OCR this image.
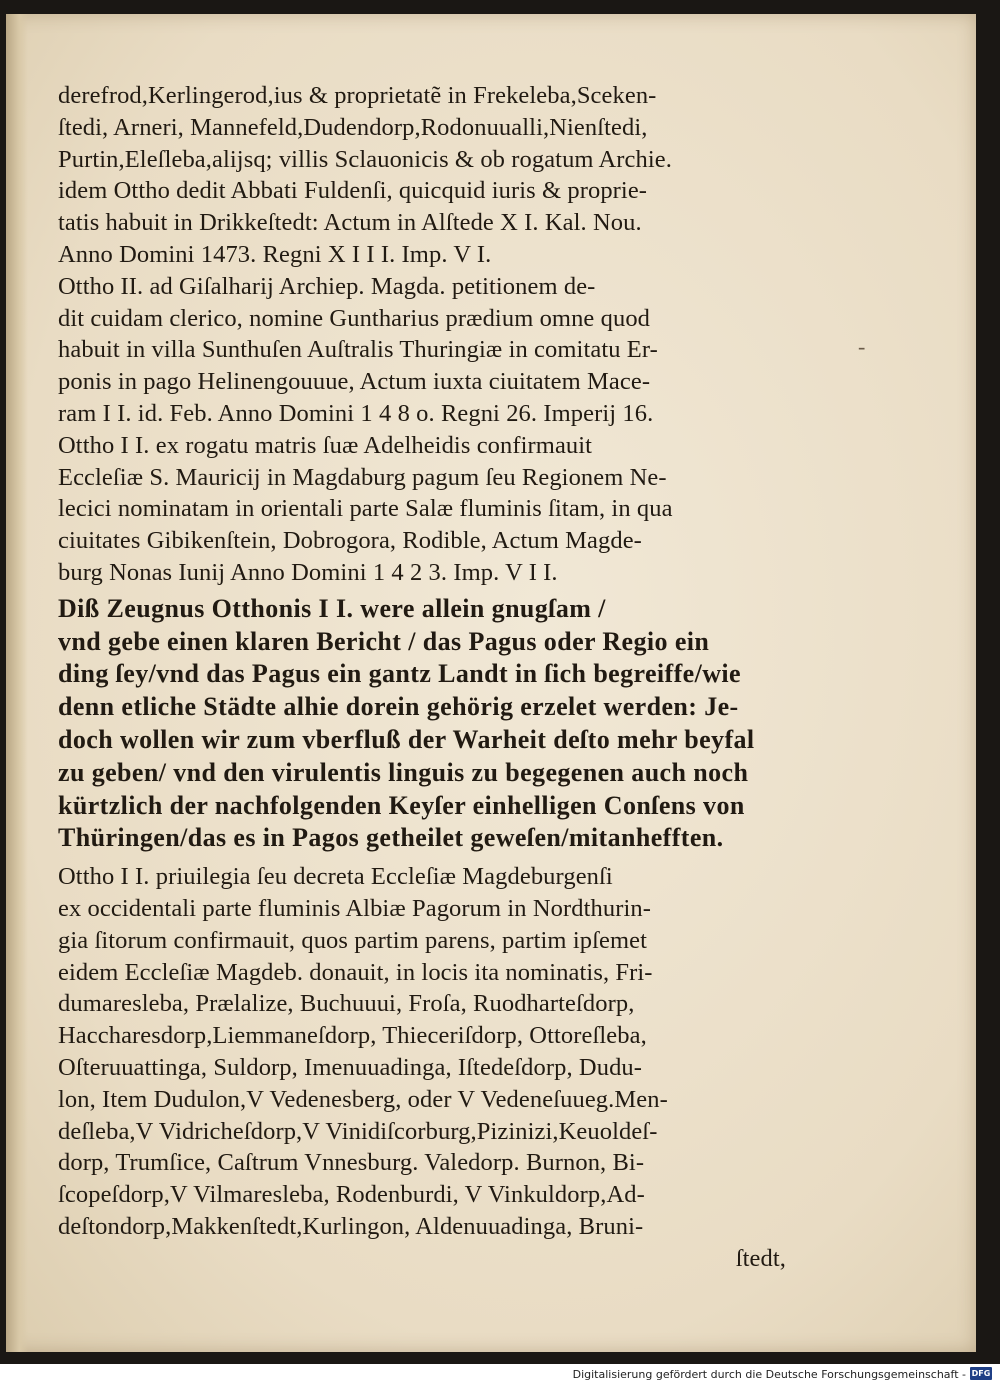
derefrod,Kerlingerod,ius & proprietatẽ in Frekeleba,Sceken-
ſtedi, Arneri, Mannefeld,Dudendorp,Rodonuualli,Nienſtedi,
Purtin,Eleſleba,alijsq; villis Sclauonicis & ob rogatum Archie.
idem Ottho dedit Abbati Fuldenſi, quicquid iuris & proprie-
tatis habuit in Drikkeſtedt: Actum in Alſtede X I. Kal. Nou.
Anno Domini 1473. Regni X I I I. Imp. V I.
Ottho II. ad Giſalharij Archiep. Magda. petitionem de-
dit cuidam clerico, nomine Guntharius prædium omne quod
habuit in villa Sunthuſen Auſtralis Thuringiæ in comitatu Er-
ponis in pago Helinengouuue, Actum iuxta ciuitatem Mace-
ram I I. id. Feb. Anno Domini 1 4 8 o. Regni 26. Imperij 16.
Ottho I I. ex rogatu matris ſuæ Adelheidis confirmauit
Eccleſiæ S. Mauricij in Magdaburg pagum ſeu Regionem Ne-
lecici nominatam in orientali parte Salæ fluminis ſitam, in qua
ciuitates Gibikenſtein, Dobrogora, Rodible, Actum Magde-
burg Nonas Iunij Anno Domini 1 4 2 3. Imp. V I I.
Diß Zeugnus Otthonis I I. were allein gnugſam /
vnd gebe einen klaren Bericht / das Pagus oder Regio ein
ding ſey/vnd das Pagus ein gantz Landt in ſich begreiffe/wie
denn etliche Städte alhie dorein gehörig erzelet werden: Je-
doch wollen wir zum vberfluß der Warheit deſto mehr beyfal
zu geben/ vnd den virulentis linguis zu begegenen auch noch
kürtzlich der nachfolgenden Keyſer einhelligen Conſens von
Thüringen/das es in Pagos getheilet geweſen/mitanhefften.
Ottho I I. priuilegia ſeu decreta Eccleſiæ Magdeburgenſi
ex occidentali parte fluminis Albiæ Pagorum in Nordthurin-
gia ſitorum confirmauit, quos partim parens, partim ipſemet
eidem Eccleſiæ Magdeb. donauit, in locis ita nominatis, Fri-
dumaresleba, Prælalize, Buchuuui, Froſa, Ruodharteſdorp,
Haccharesdorp,Liemmaneſdorp, Thieceriſdorp, Ottoreſleba,
Oſteruuattinga, Suldorp, Imenuuadinga, Iſtedeſdorp, Dudu-
lon, Item Dudulon,V Vedenesberg, oder V Vedeneſuueg.Men-
deſleba,V Vidricheſdorp,V Vinidiſcorburg,Pizinizi,Keuoldeſ-
dorp, Trumſice, Caſtrum Vnnesburg. Valedorp. Burnon, Bi-
ſcopeſdorp,V Vilmaresleba, Rodenburdi, V Vinkuldorp,Ad-
deſtondorp,Makkenſtedt,Kurlingon, Aldenuuadinga, Bruni-
ſtedt,
-
Digitalisierung gefördert durch die Deutsche Forschungsgemeinschaft - DFG
